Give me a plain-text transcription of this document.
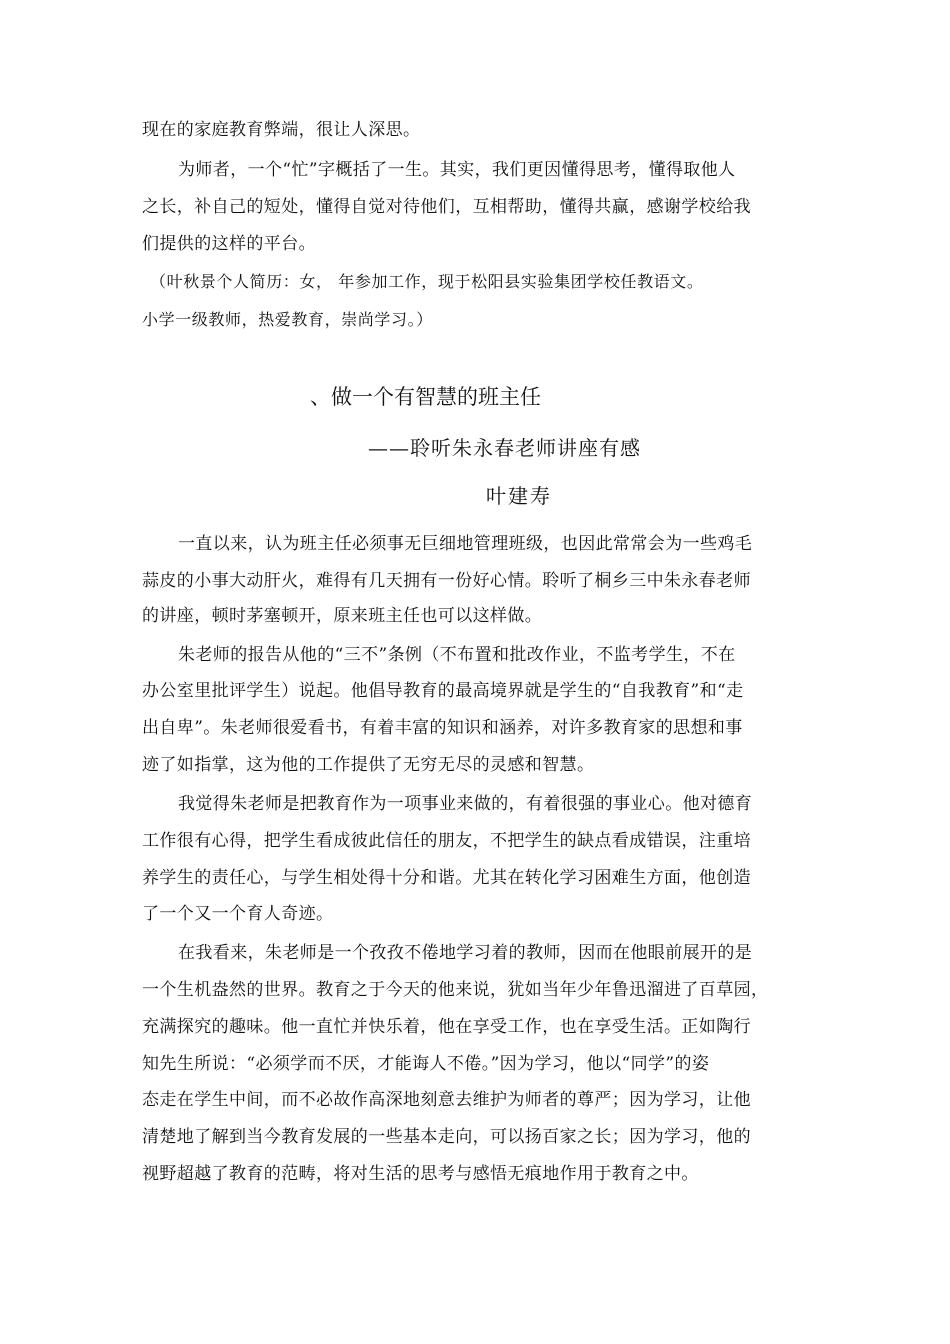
现在的家庭教育弊端，很让人深思。
为师者，一个“忙”字概括了一生。其实，我们更因懂得思考，懂得取他人
之长，补自己的短处，懂得自觉对待他们，互相帮助，懂得共赢，感谢学校给我
们提供的这样的平台。
（叶秋景个人简历：女， 年参加工作，现于松阳县实验集团学校任教语文。
小学一级教师，热爱教育，崇尚学习。）
、做一个有智慧的班主任
——聆听朱永春老师讲座有感
叶建寿
一直以来，认为班主任必须事无巨细地管理班级，也因此常常会为一些鸡毛
蒜皮的小事大动肝火，难得有几天拥有一份好心情。聆听了桐乡三中朱永春老师
的讲座，顿时茅塞顿开，原来班主任也可以这样做。
朱老师的报告从他的“三不”条例（不布置和批改作业，不监考学生，不在
办公室里批评学生）说起。他倡导教育的最高境界就是学生的“自我教育”和“走
出自卑”。朱老师很爱看书，有着丰富的知识和涵养，对许多教育家的思想和事
迹了如指掌，这为他的工作提供了无穷无尽的灵感和智慧。
我觉得朱老师是把教育作为一项事业来做的，有着很强的事业心。他对德育
工作很有心得，把学生看成彼此信任的朋友，不把学生的缺点看成错误，注重培
养学生的责任心，与学生相处得十分和谐。尤其在转化学习困难生方面，他创造
了一个又一个育人奇迹。
在我看来，朱老师是一个孜孜不倦地学习着的教师，因而在他眼前展开的是
一个生机盎然的世界。教育之于今天的他来说，犹如当年少年鲁迅溜进了百草园，
充满探究的趣味。他一直忙并快乐着，他在享受工作，也在享受生活。正如陶行
知先生所说：“必须学而不厌，才能诲人不倦。”因为学习，他以“同学”的姿
态走在学生中间，而不必故作高深地刻意去维护为师者的尊严；因为学习，让他
清楚地了解到当今教育发展的一些基本走向，可以扬百家之长；因为学习，他的
视野超越了教育的范畴，将对生活的思考与感悟无痕地作用于教育之中。
